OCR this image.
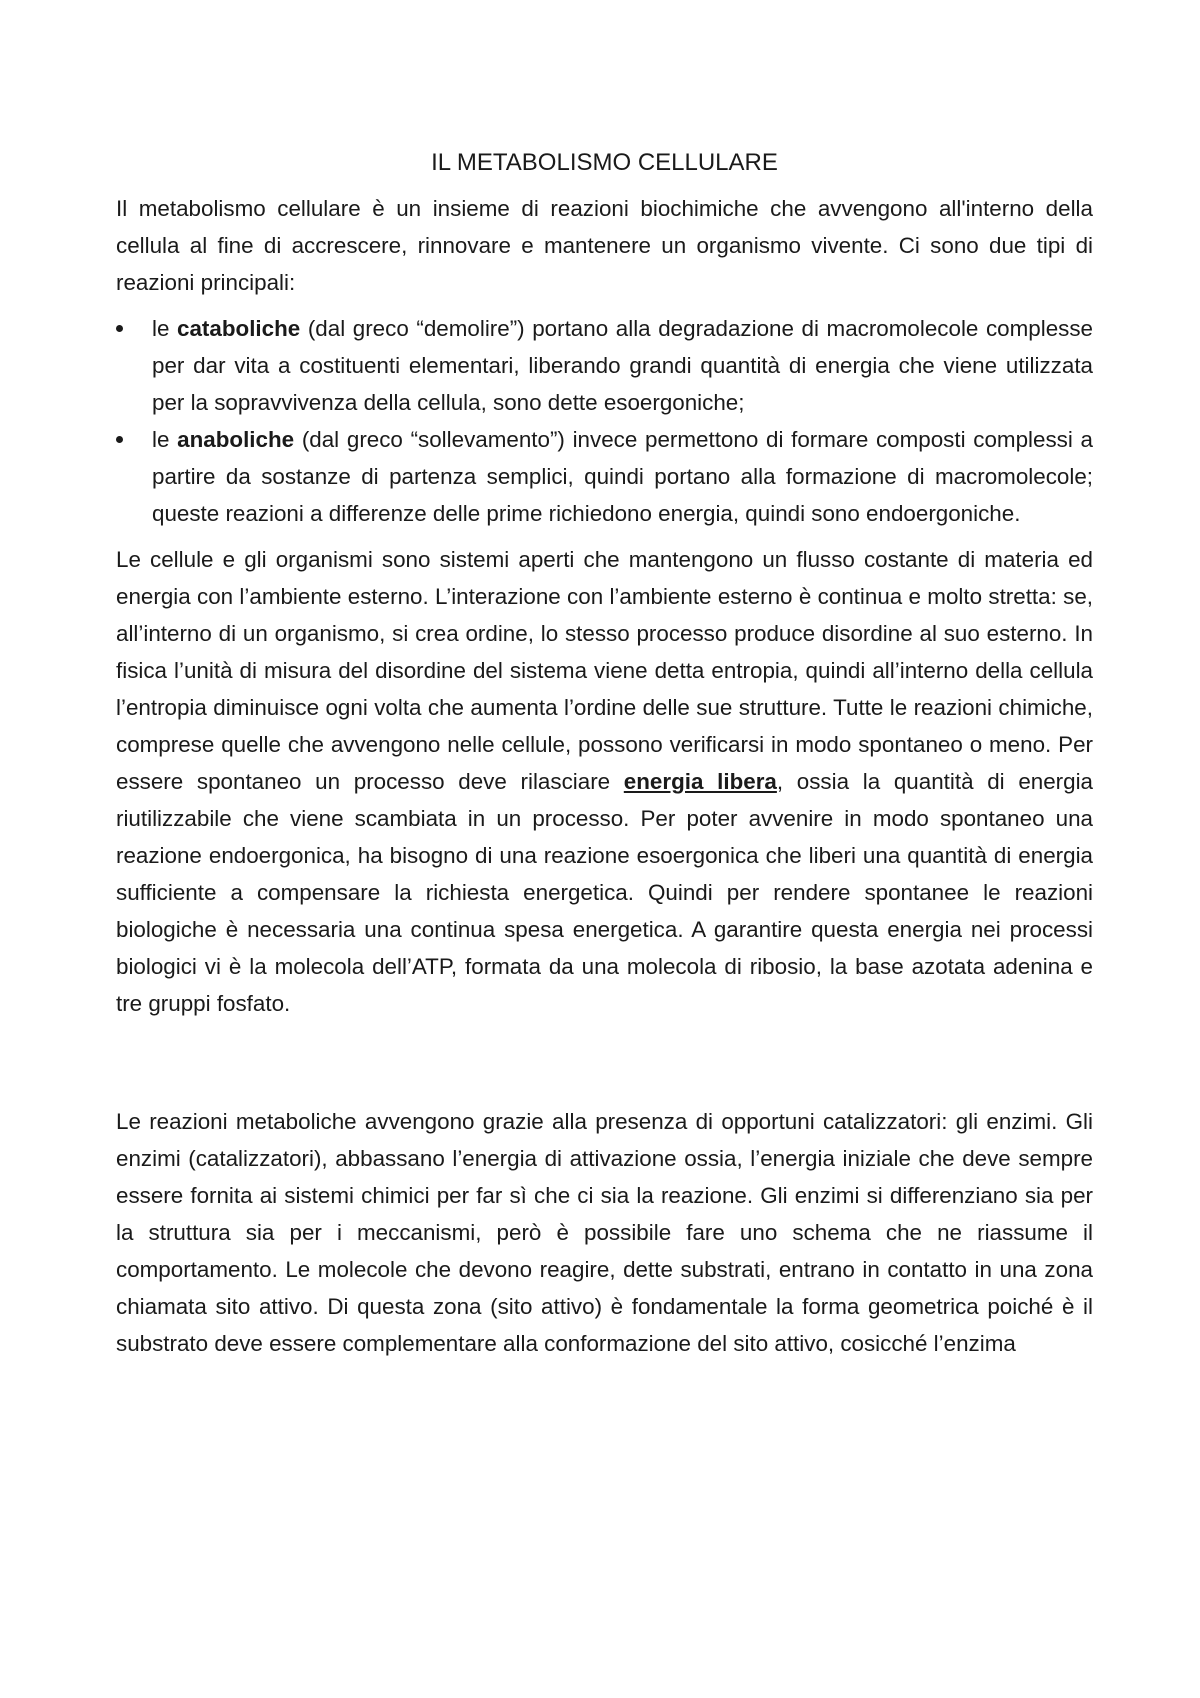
IL METABOLISMO CELLULARE

Il metabolismo cellulare è un insieme di reazioni biochimiche che avvengono all'interno della cellula al fine di accrescere, rinnovare e mantenere un organismo vivente. Ci sono due tipi di reazioni principali:

le cataboliche (dal greco “demolire”) portano alla degradazione di macromolecole complesse per dar vita a costituenti elementari, liberando grandi quantità di energia che viene utilizzata per la sopravvivenza della cellula, sono dette esoergoniche;
le anaboliche (dal greco “sollevamento”) invece permettono di formare composti complessi a partire da sostanze di partenza semplici, quindi portano alla formazione di macromolecole; queste reazioni a differenze delle prime richiedono energia, quindi sono endoergoniche.

Le cellule e gli organismi sono sistemi aperti che mantengono un flusso costante di materia ed energia con l’ambiente esterno. L’interazione con l’ambiente esterno è continua e molto stretta: se, all’interno di un organismo, si crea ordine, lo stesso processo produce disordine al suo esterno. In fisica l’unità di misura del disordine del sistema viene detta entropia, quindi all’interno della cellula l’entropia diminuisce ogni volta che aumenta l’ordine delle sue strutture. Tutte le reazioni chimiche, comprese quelle che avvengono nelle cellule, possono verificarsi in modo spontaneo o meno. Per essere spontaneo un processo deve rilasciare energia libera, ossia la quantità di energia riutilizzabile che viene scambiata in un processo. Per poter avvenire in modo spontaneo una reazione endoergonica, ha bisogno di una reazione esoergonica che liberi una quantità di energia sufficiente a compensare la richiesta energetica. Quindi per rendere spontanee le reazioni biologiche è necessaria una continua spesa energetica. A garantire questa energia nei processi biologici vi è la molecola dell’ATP, formata da una molecola di ribosio, la base azotata adenina e tre gruppi fosfato.

Le reazioni metaboliche avvengono grazie alla presenza di opportuni catalizzatori: gli enzimi. Gli enzimi (catalizzatori), abbassano l’energia di attivazione ossia, l’energia iniziale che deve sempre essere fornita ai sistemi chimici per far sì che ci sia la reazione. Gli enzimi si differenziano sia per la struttura sia per i meccanismi, però è possibile fare uno schema che ne riassume il comportamento. Le molecole che devono reagire, dette substrati, entrano in contatto in una zona chiamata sito attivo. Di questa zona (sito attivo) è fondamentale la forma geometrica poiché è il substrato deve essere complementare alla conformazione del sito attivo, cosicché l’enzima
